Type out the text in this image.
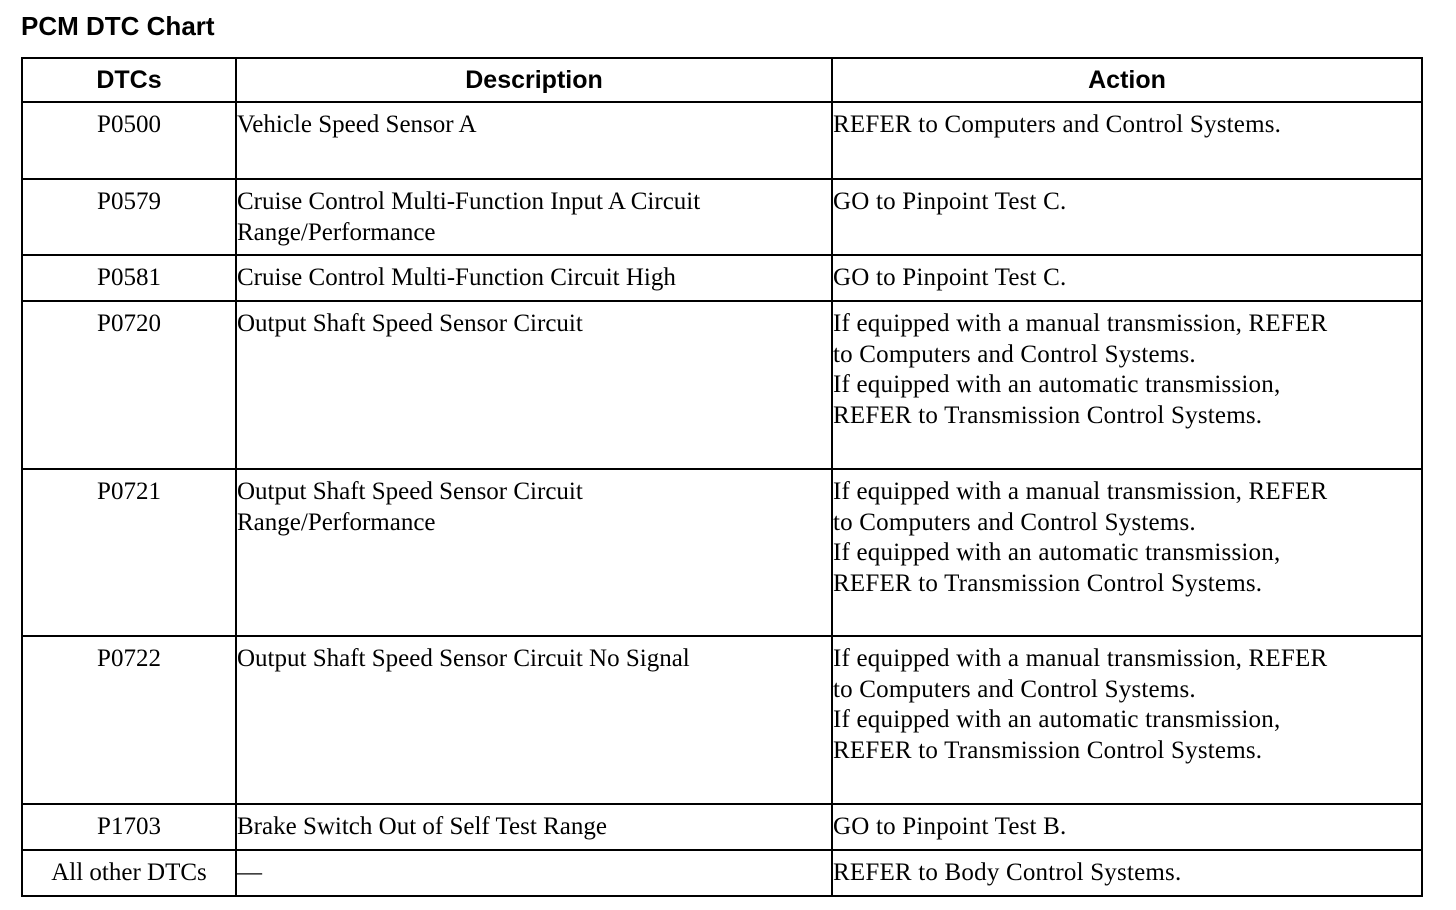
PCM DTC Chart
DTCs	Description	Action
P0500	Vehicle Speed Sensor A	REFER to Computers and Control Systems.

P0579	Cruise Control Multi-Function Input A Circuit
Range/Performance	GO to Pinpoint Test C.

P0581	Cruise Control Multi-Function Circuit High	GO to Pinpoint Test C.

P0720	Output Shaft Speed Sensor Circuit	If equipped with a manual transmission, REFER
to Computers and Control Systems.
If equipped with an automatic transmission,
REFER to Transmission Control Systems.

P0721	Output Shaft Speed Sensor Circuit
Range/Performance	If equipped with a manual transmission, REFER
to Computers and Control Systems.
If equipped with an automatic transmission,
REFER to Transmission Control Systems.

P0722	Output Shaft Speed Sensor Circuit No Signal	If equipped with a manual transmission, REFER
to Computers and Control Systems.
If equipped with an automatic transmission,
REFER to Transmission Control Systems.

P1703	Brake Switch Out of Self Test Range	GO to Pinpoint Test B.

All other DTCs	—	REFER to Body Control Systems.
